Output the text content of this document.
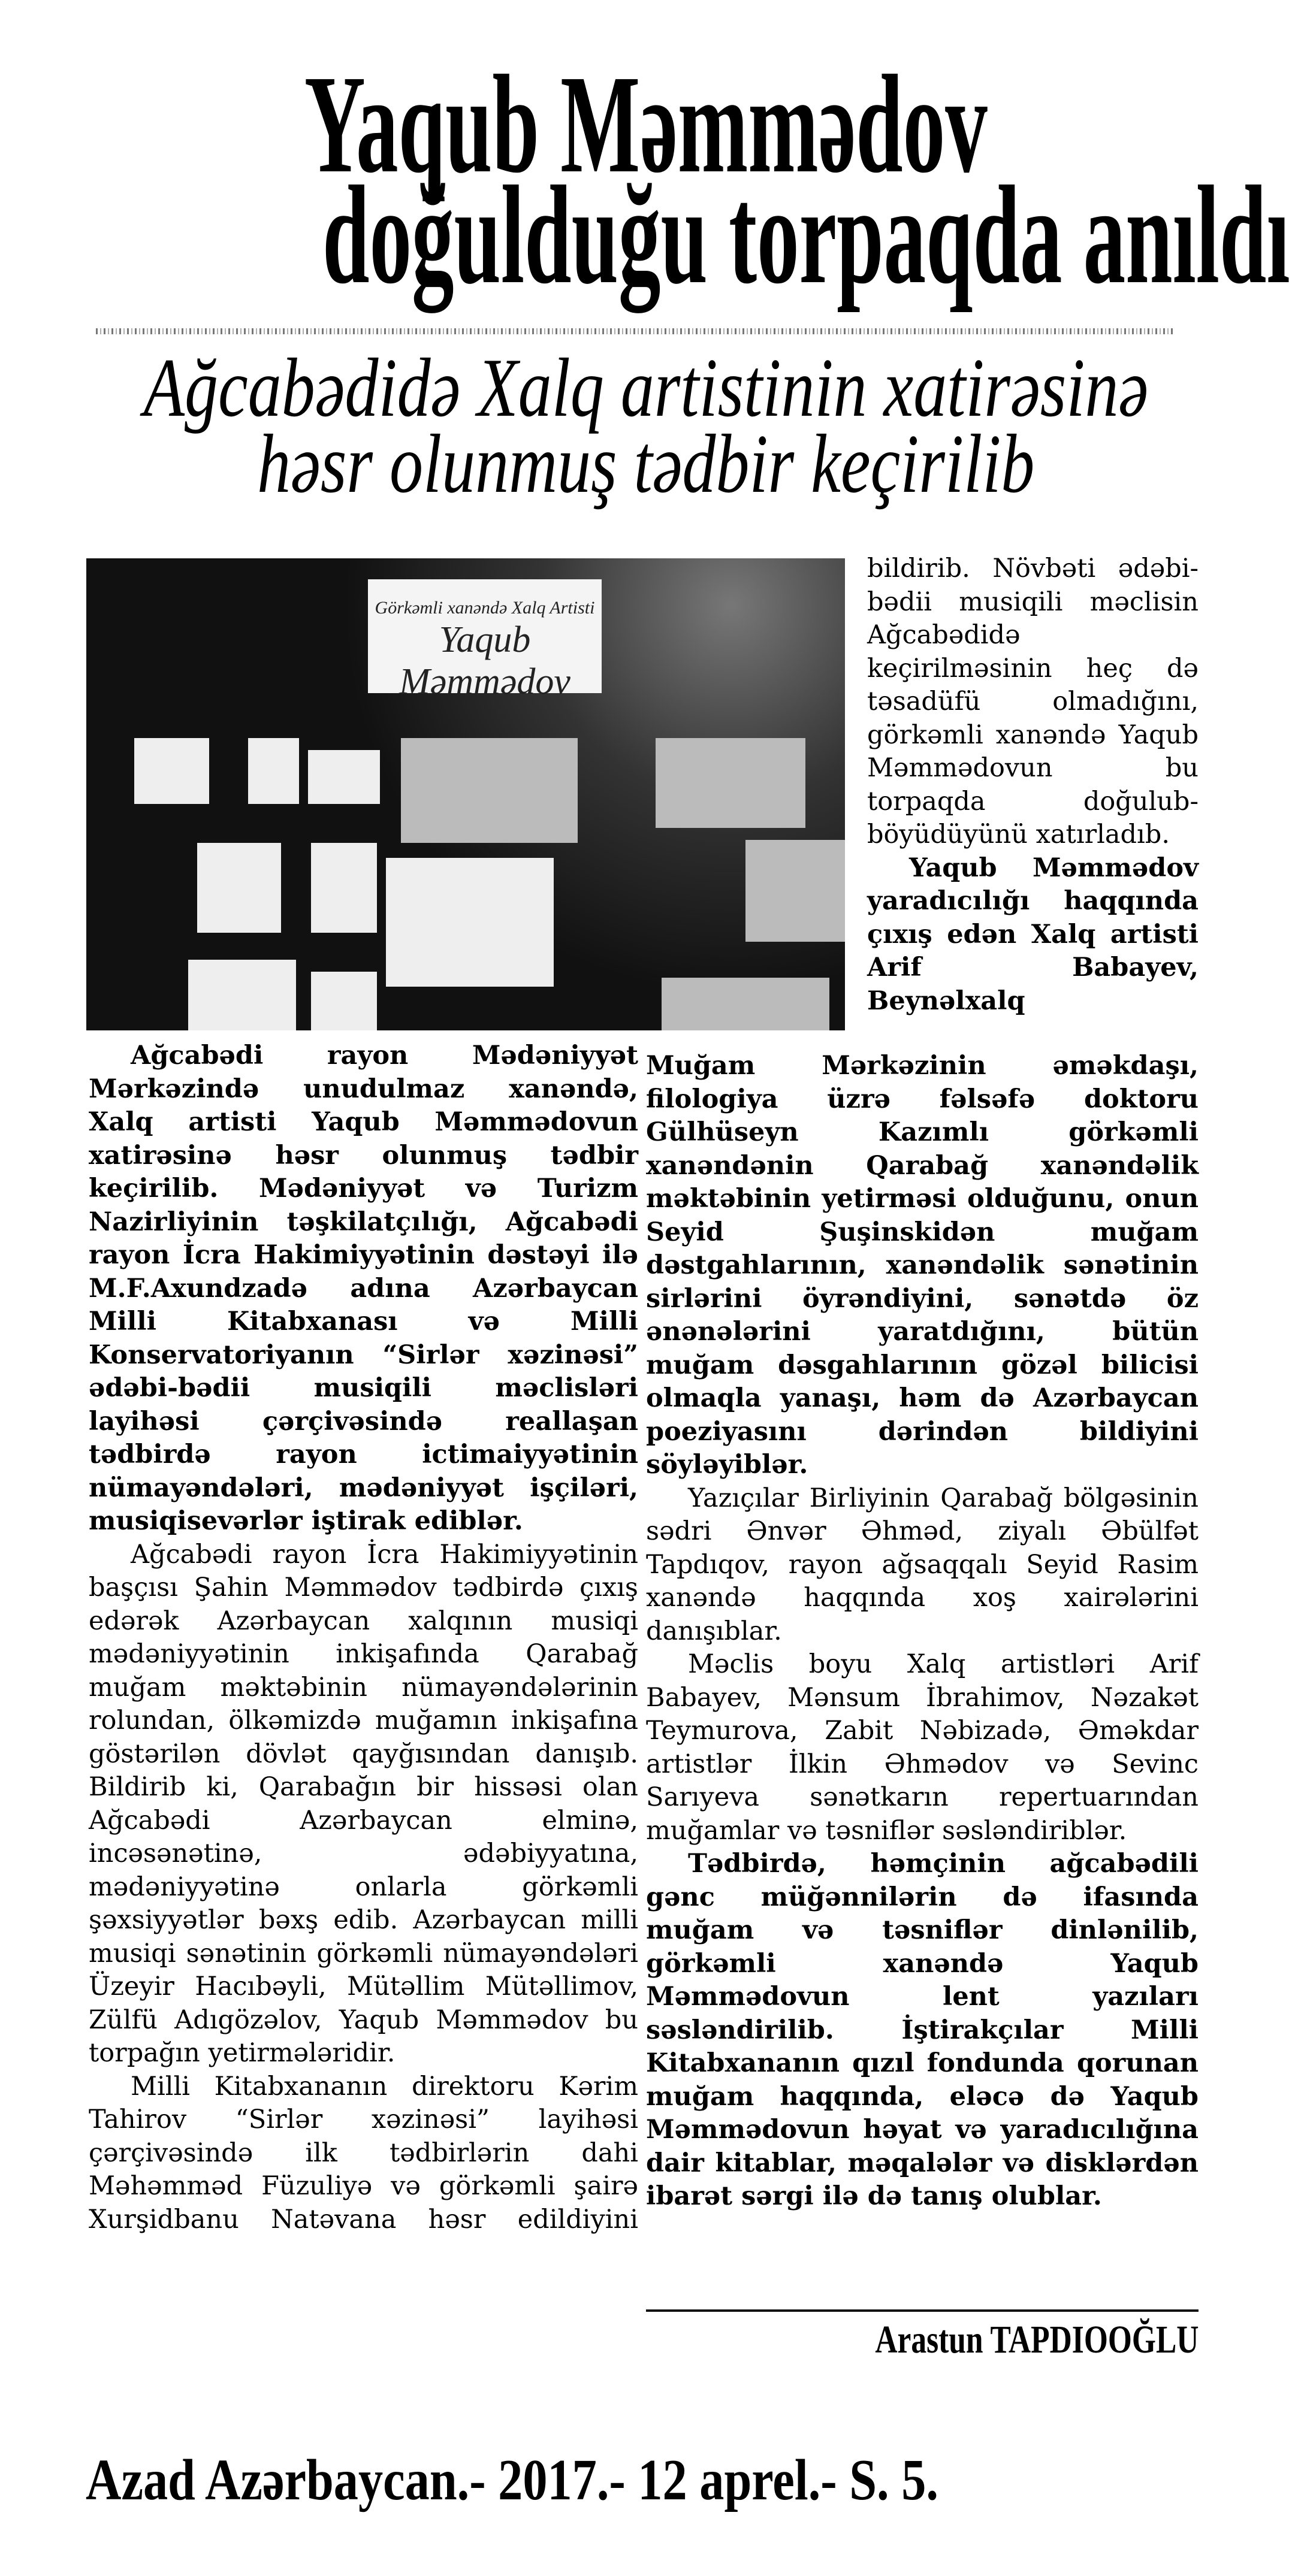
Yaqub Məmmədov
doğulduğu torpaqda anıldı
Ağcabədidə Xalq artistinin xatirəsinə
həsr olunmuş tədbir keçirilib
Görkəmli xanəndə Xalq Artisti
Yaqub Məmmədov

bildirib. Növbəti ədəbi-bədii musiqili məclisin Ağcabədidə keçirilməsinin heç də təsadüfü olmadığını, görkəmli xanəndə Yaqub Məmmədovun bu torpaqda doğulub-böyüdüyünü xatırladıb.

Yaqub Məmmədov yaradıcılığı haqqında çıxış edən Xalq artisti Arif Babayev, Beynəlxalq

Ağcabədi rayon Mədəniyyət Mərkəzində unudulmaz xanəndə, Xalq artisti Yaqub Məmmədovun xatirəsinə həsr olunmuş tədbir keçirilib. Mədəniyyət və Turizm Nazirliyinin təşkilatçılığı, Ağcabədi rayon İcra Hakimiyyətinin dəstəyi ilə M.F.Axundzadə adına Azərbaycan Milli Kitabxanası və Milli Konservatoriyanın “Sirlər xəzinəsi” ədəbi-bədii musiqili məclisləri layihəsi çərçivəsində reallaşan tədbirdə rayon ictimaiyyətinin nümayəndələri, mədəniyyət işçiləri, musiqisevərlər iştirak ediblər.

Ağcabədi rayon İcra Hakimiyyətinin başçısı Şahin Məmmədov tədbirdə çıxış edərək Azərbaycan xalqının musiqi mədəniyyətinin inkişafında Qarabağ muğam məktəbinin nümayəndələrinin rolundan, ölkəmizdə muğamın inkişafına göstərilən dövlət qayğısından danışıb. Bildirib ki, Qarabağın bir hissəsi olan Ağcabədi Azərbaycan elminə, incəsənətinə, ədəbiyyatına, mədəniyyətinə onlarla görkəmli şəxsiyyətlər bəxş edib. Azərbaycan milli musiqi sənətinin görkəmli nümayəndələri Üzeyir Hacıbəyli, Mütəllim Mütəllimov, Zülfü Adıgözəlov, Yaqub Məmmədov bu torpağın yetirmələridir.

Milli Kitabxananın direktoru Kərim Tahirov “Sirlər xəzinəsi” layihəsi çərçivəsində ilk tədbirlərin dahi Məhəmməd Füzuliyə və görkəmli şairə Xurşidbanu Natəvana həsr edildiyini

Muğam Mərkəzinin əməkdaşı, filologiya üzrə fəlsəfə doktoru Gülhüseyn Kazımlı görkəmli xanəndənin Qarabağ xanəndəlik məktəbinin yetirməsi olduğunu, onun Seyid Şuşinskidən muğam dəstgahlarının, xanəndəlik sənətinin sirlərini öyrəndiyini, sənətdə öz ənənələrini yaratdığını, bütün muğam dəsgahlarının gözəl bilicisi olmaqla yanaşı, həm də Azərbaycan poeziyasını dərindən bildiyini söyləyiblər.

Yazıçılar Birliyinin Qarabağ bölgəsinin sədri Ənvər Əhməd, ziyalı Əbülfət Tapdıqov, rayon ağsaqqalı Seyid Rasim xanəndə haqqında xoş xairələrini danışıblar.

Məclis boyu Xalq artistləri Arif Babayev, Mənsum İbrahimov, Nəzakət Teymurova, Zabit Nəbizadə, Əməkdar artistlər İlkin Əhmədov və Sevinc Sarıyeva sənətkarın repertuarından muğamlar və təsniflər səsləndiriblər.

Tədbirdə, həmçinin ağcabədili gənc müğənnilərin də ifasında muğam və təsniflər dinlənilib, görkəmli xanəndə Yaqub Məmmədovun lent yazıları səsləndirilib. İştirakçılar Milli Kitabxananın qızıl fondunda qorunan muğam haqqında, eləcə də Yaqub Məmmədovun həyat və yaradıcılığına dair kitablar, məqalələr və disklərdən ibarət sərgi ilə də tanış olublar.

Arastun TAPDIOOĞLU
Azad Azərbaycan.- 2017.- 12 aprel.- S. 5.
